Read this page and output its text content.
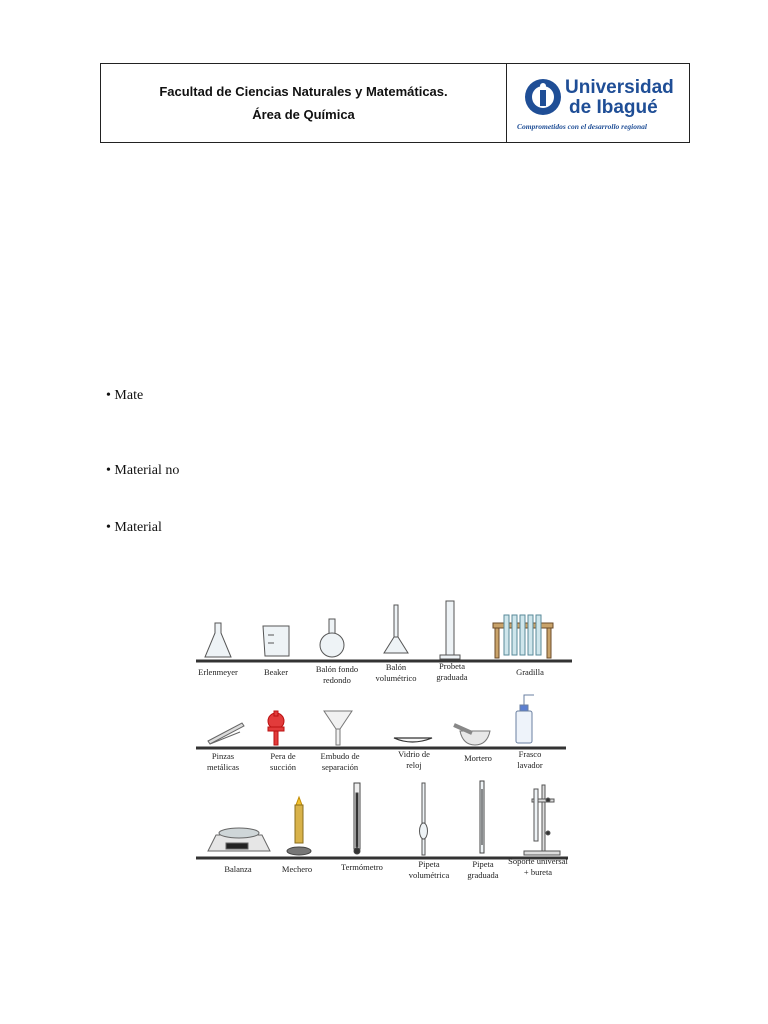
Facultad de Ciencias Naturales y Matemáticas.
Área de Química
Universidad
de Ibagué
Comprometidos con el desarrollo regional
• Mate
• Material no
• Material
Erlenmeyer	Beaker	Balón fondo redondo
Balón volumétrico
Probeta graduada	Gradilla
Pinzas metálicas
Pera de succión
Embudo de separación
Vidrio de reloj
Mortero	Frasco lavador
Balanza	Mechero	Termómetro	Pipeta volumétrica
Pipeta graduada
Soporte universal + bureta
